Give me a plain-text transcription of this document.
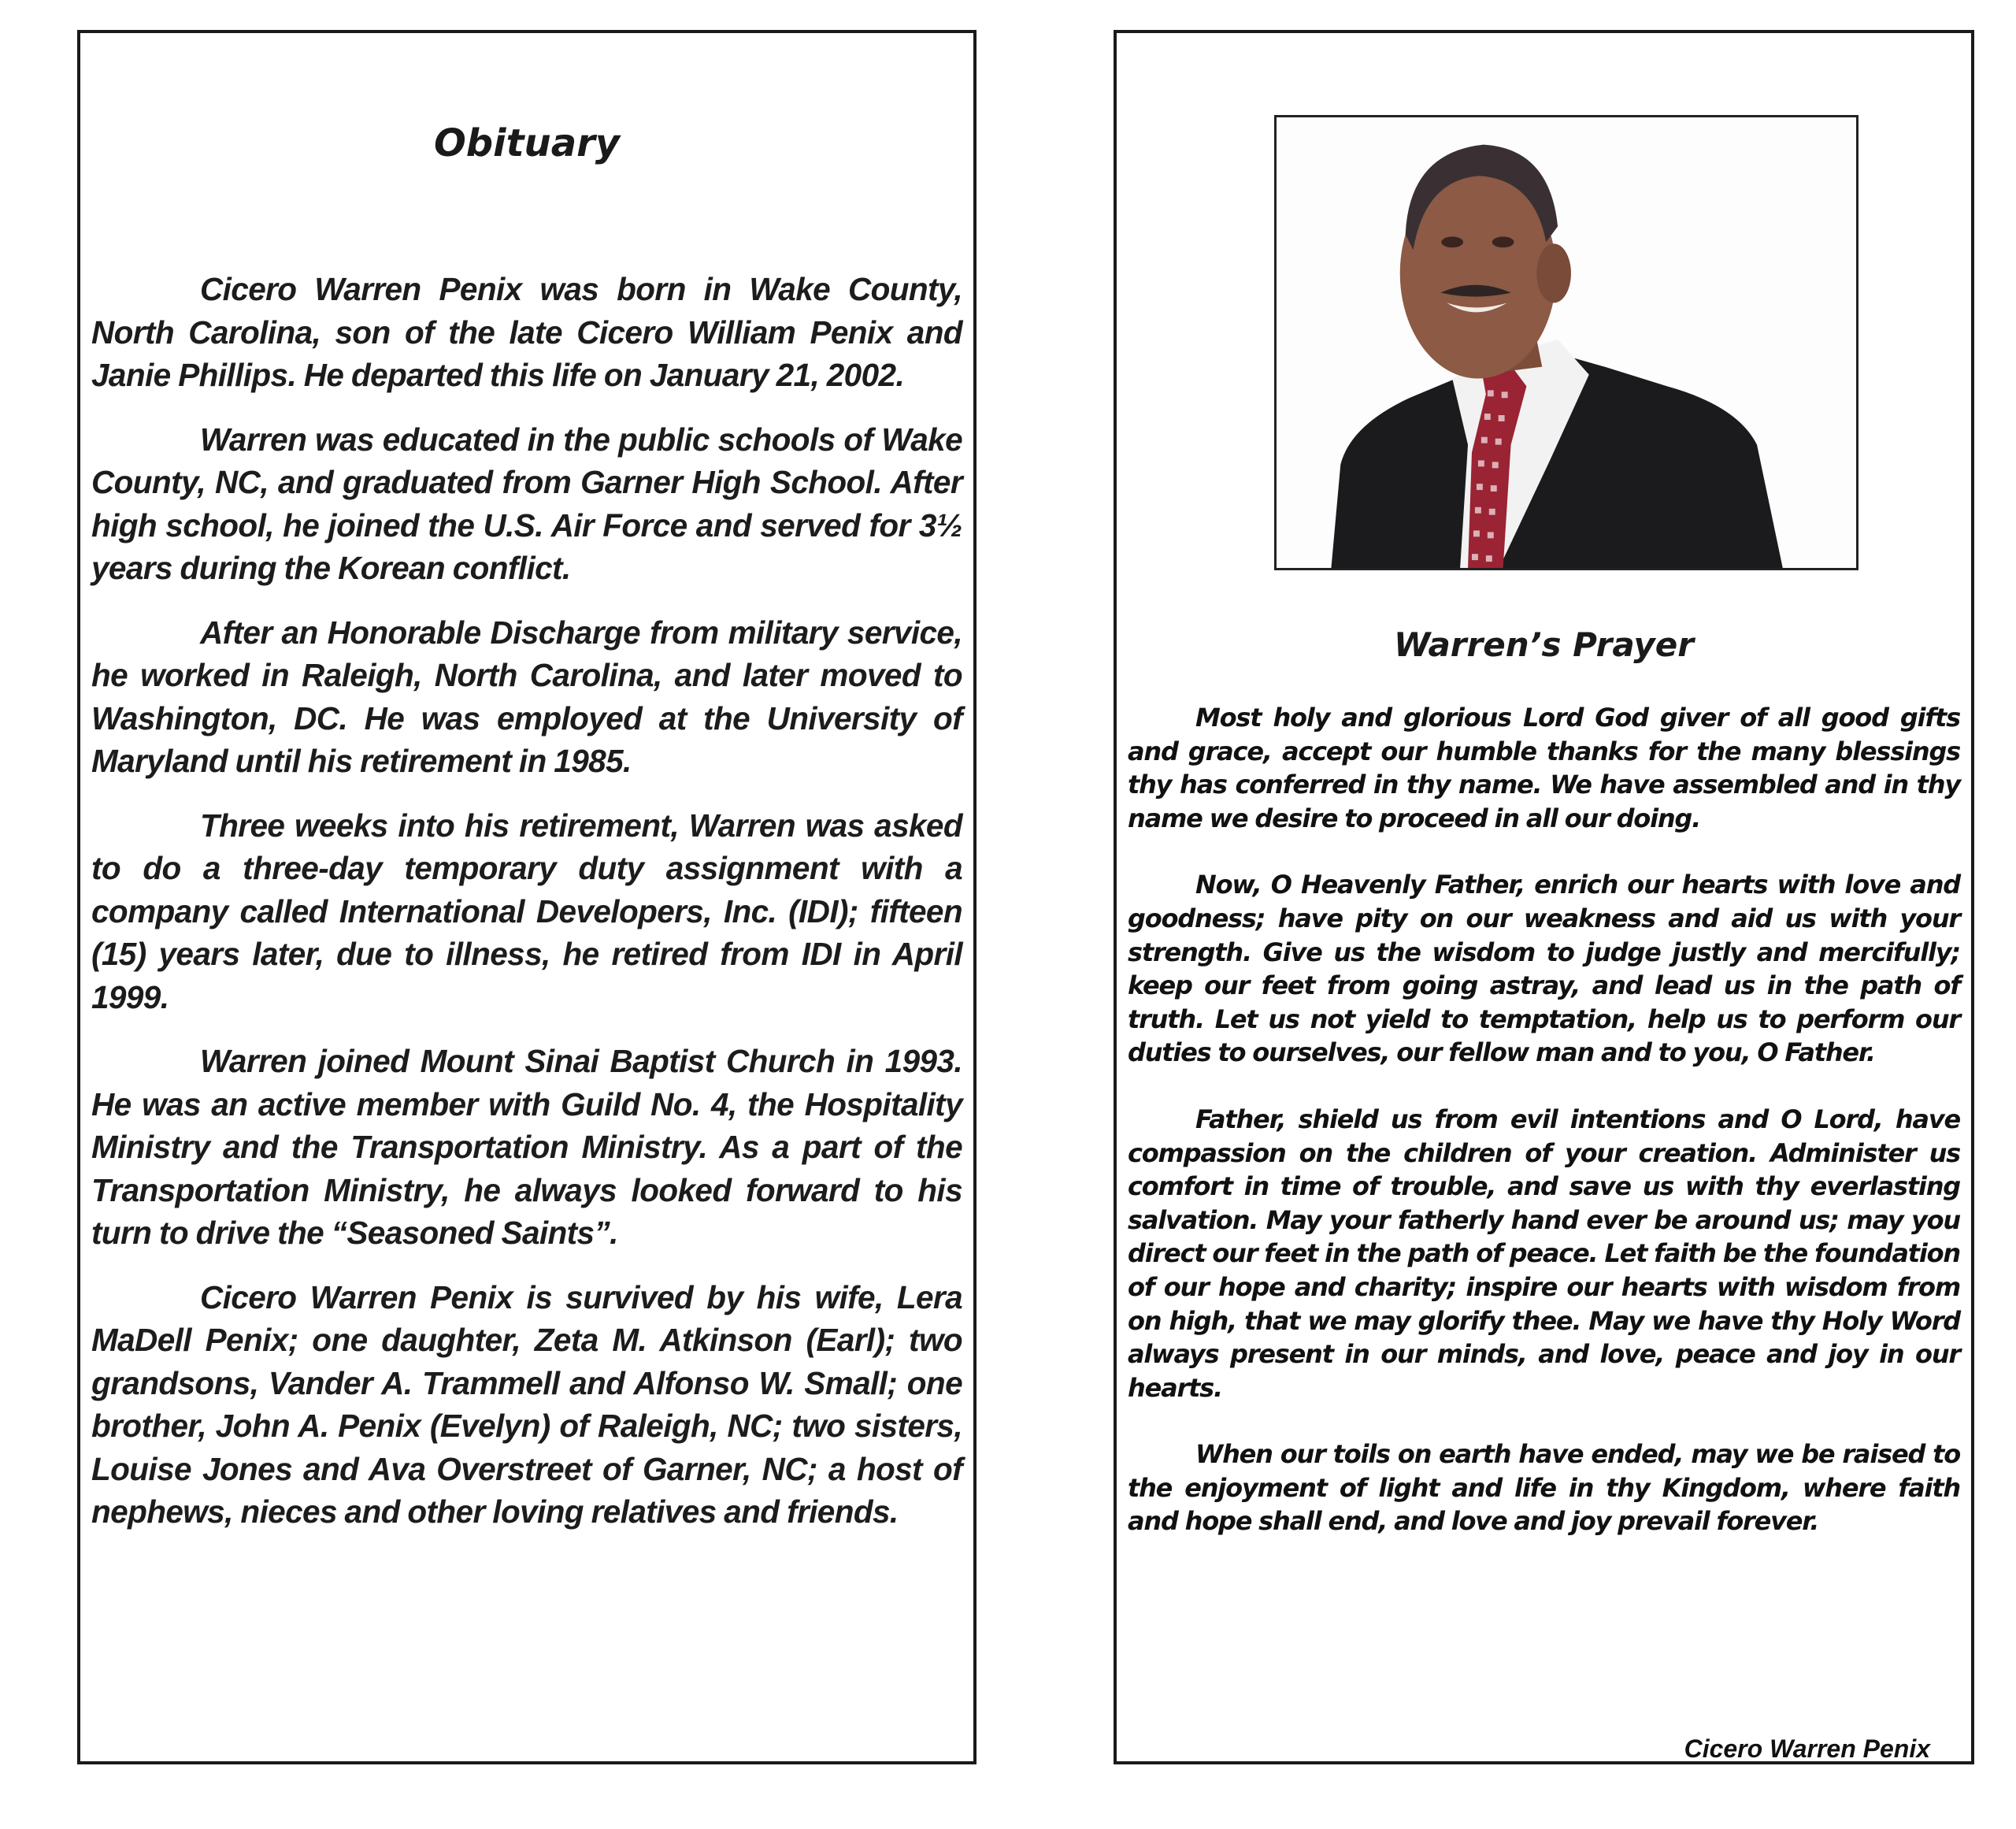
Obituary

Cicero Warren Penix was born in Wake County, North Carolina, son of the late Cicero William Penix and Janie Phillips. He departed this life on January 21, 2002.

Warren was educated in the public schools of Wake County, NC, and graduated from Garner High School. After high school, he joined the U.S. Air Force and served for 3½ years during the Korean conflict.

After an Honorable Discharge from military service, he worked in Raleigh, North Carolina, and later moved to Washington, DC. He was employed at the University of Maryland until his retirement in 1985.

Three weeks into his retirement, Warren was asked to do a three-day temporary duty assignment with a company called International Developers, Inc. (IDI); fifteen (15) years later, due to illness, he retired from IDI in April 1999.

Warren joined Mount Sinai Baptist Church in 1993. He was an active member with Guild No. 4, the Hospitality Ministry and the Transportation Ministry. As a part of the Transportation Ministry, he always looked forward to his turn to drive the “Seasoned Saints”.

Cicero Warren Penix is survived by his wife, Lera MaDell Penix; one daughter, Zeta M. Atkinson (Earl); two grandsons, Vander A. Trammell and Alfonso W. Small; one brother, John A. Penix (Evelyn) of Raleigh, NC; two sisters, Louise Jones and Ava Overstreet of Garner, NC; a host of nephews, nieces and other loving relatives and friends.

Warren’s Prayer

Most holy and glorious Lord God giver of all good gifts and grace, accept our humble thanks for the many blessings thy has conferred in thy name. We have assembled and in thy name we desire to proceed in all our doing.

Now, O Heavenly Father, enrich our hearts with love and goodness; have pity on our weakness and aid us with your strength. Give us the wisdom to judge justly and mercifully; keep our feet from going astray, and lead us in the path of truth. Let us not yield to temptation, help us to perform our duties to ourselves, our fellow man and to you, O Father.

Father, shield us from evil intentions and O Lord, have compassion on the children of your creation. Administer us comfort in time of trouble, and save us with thy everlasting salvation. May your fatherly hand ever be around us; may you direct our feet in the path of peace. Let faith be the foundation of our hope and charity; inspire our hearts with wisdom from on high, that we may glorify thee. May we have thy Holy Word always present in our minds, and love, peace and joy in our hearts.

When our toils on earth have ended, may we be raised to the enjoyment of light and life in thy Kingdom, where faith and hope shall end, and love and joy prevail forever.

Cicero Warren Penix
